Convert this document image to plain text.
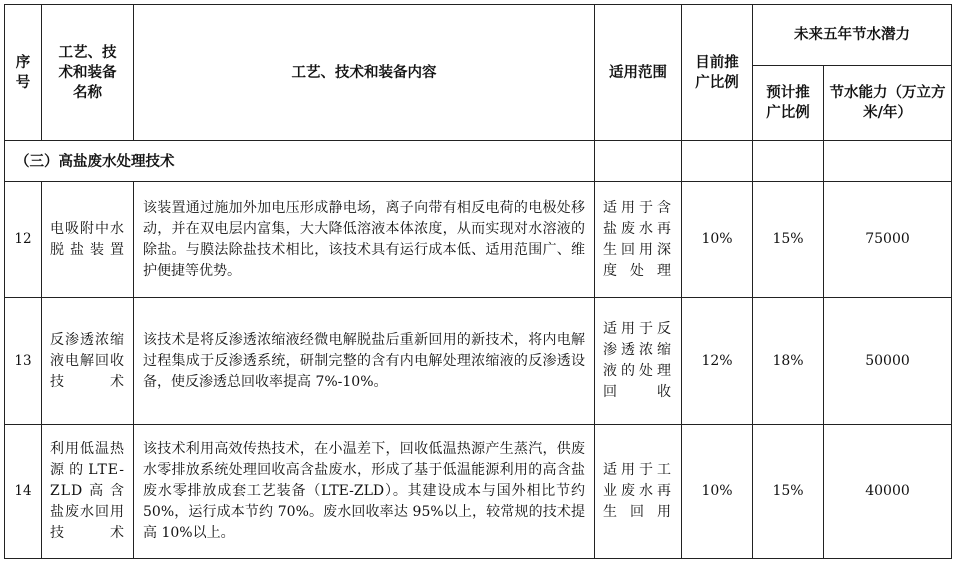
序号	工艺、技术和装备名称	工艺、技术和装备内容	适用范围	目前推广比例	未来五年节水潜力	

					预计推广比例	节水能力（万立方米/年）

（三）高盐废水处理技术						
12	电吸附中水脱盐装置	该装置通过施加外加电压形成静电场，离子向带有相反电荷的电极处移动，并在双电层内富集，大大降低溶液本体浓度，从而实现对水溶液的除盐。与膜法除盐技术相比，该技术具有运行成本低、适用范围广、维护便捷等优势。	适用于含盐废水再生回用深度处理	10%	15%	75000
13	反渗透浓缩液电解回收技术	该技术是将反渗透浓缩液经微电解脱盐后重新回用的新技术，将内电解过程集成于反渗透系统，研制完整的含有内电解处理浓缩液的反渗透设备，使反渗透总回收率提高 7%-10%。	适用于反渗透浓缩液的处理回收	12%	18%	50000
14	利用低温热源的LTE-ZLD高含盐废水回用技术	该技术利用高效传热技术，在小温差下，回收低温热源产生蒸汽，供废水零排放系统处理回收高含盐废水，形成了基于低温能源利用的高含盐废水零排放成套工艺装备（LTE-ZLD）。其建设成本与国外相比节约 50%，运行成本节约 70%。废水回收率达 95%以上，较常规的技术提高 10%以上。	适用于工业废水再生回用	10%	15%	40000
